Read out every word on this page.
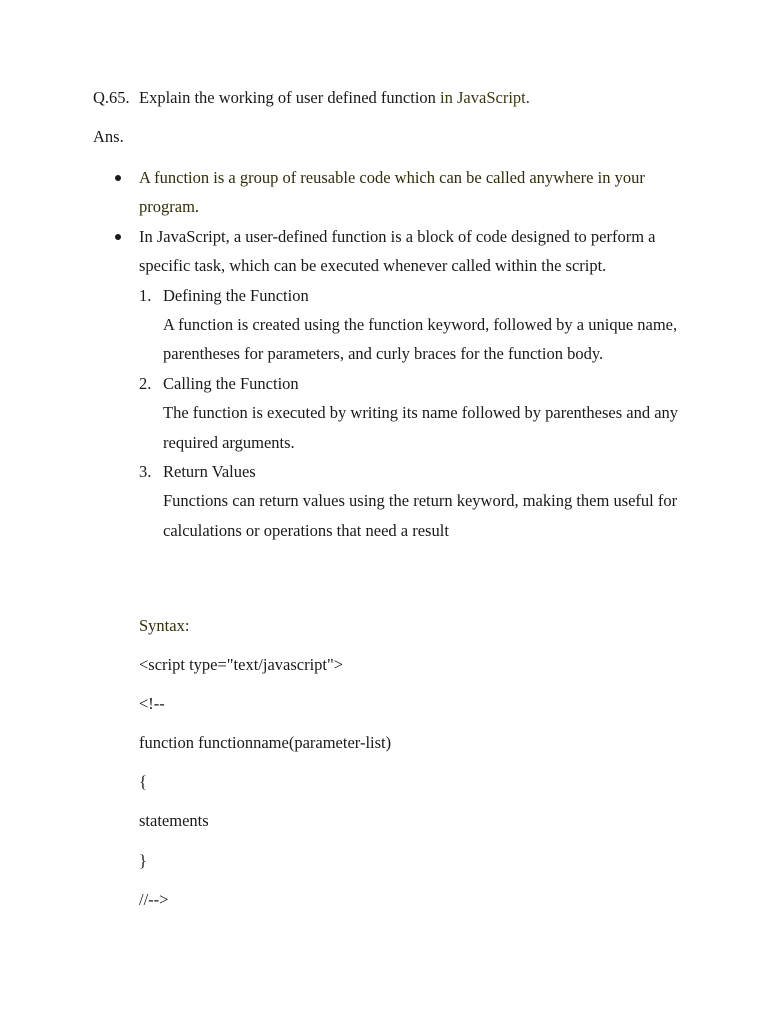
Q.65. Explain the working of user defined function in JavaScript.
Ans.
A function is a group of reusable code which can be called anywhere in your program.
In JavaScript, a user-defined function is a block of code designed to perform a specific task, which can be executed whenever called within the script.
1. Defining the Function
A function is created using the function keyword, followed by a unique name, parentheses for parameters, and curly braces for the function body.
2. Calling the Function
The function is executed by writing its name followed by parentheses and any required arguments.
3. Return Values
Functions can return values using the return keyword, making them useful for calculations or operations that need a result
Syntax:
<script type="text/javascript">
<!--
function functionname(parameter-list)
{
statements
}
//-->
